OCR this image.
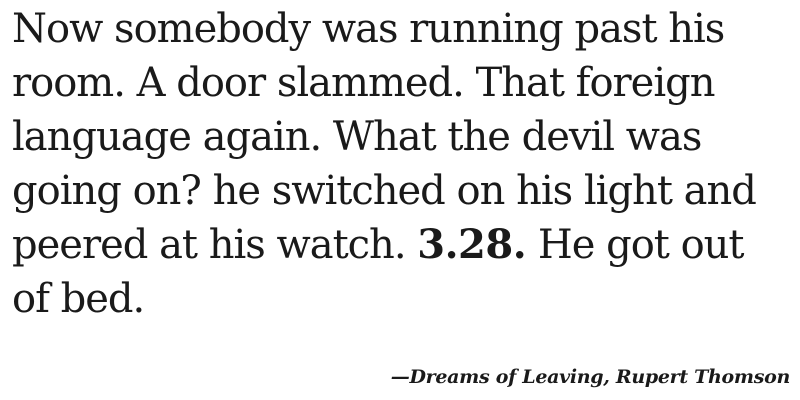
Now somebody was running past his room. A door slammed. That foreign language again. What the devil was going on? he switched on his light and peered at his watch. 3.28. He got out of bed.

—Dreams of Leaving, Rupert Thomson
